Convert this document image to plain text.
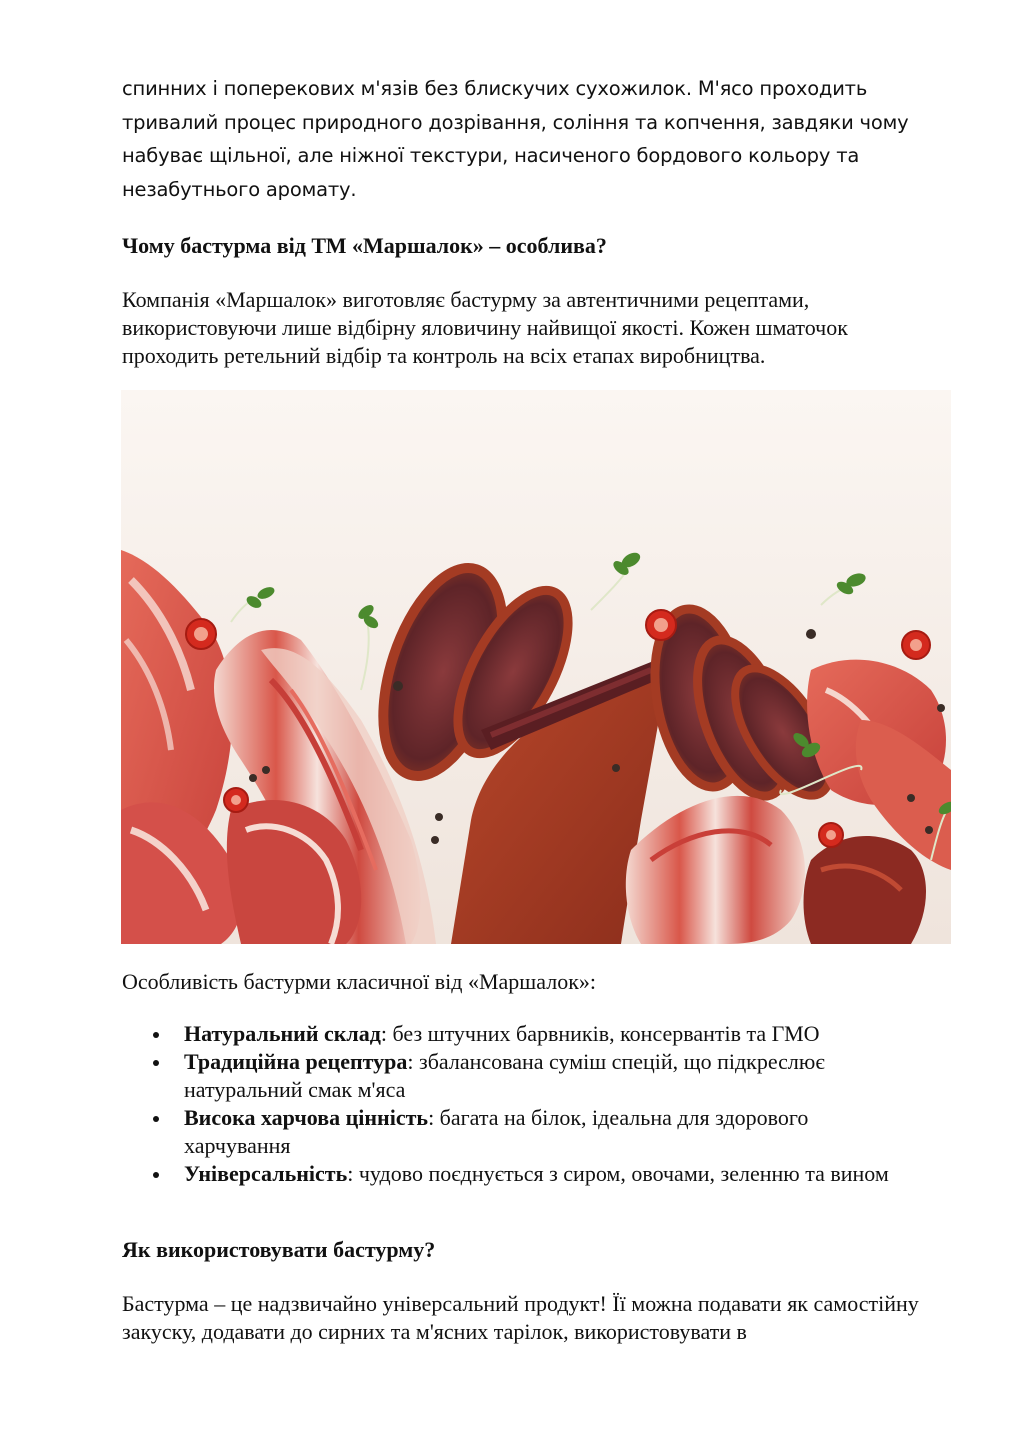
спинних і поперекових м'язів без блискучих сухожилок. М'ясо проходить тривалий процес природного дозрівання, соління та копчення, завдяки чому набуває щільної, але ніжної текстури, насиченого бордового кольору та незабутнього аромату.

Чому бастурма від ТМ «Маршалок» – особлива?

Компанія «Маршалок» виготовляє бастурму за автентичними рецептами, використовуючи лише відбірну яловичину найвищої якості. Кожен шматочок проходить ретельний відбір та контроль на всіх етапах виробництва.

Особливість бастурми класичної від «Маршалок»:

Натуральний склад: без штучних барвників, консервантів та ГМО
Традиційна рецептура: збалансована суміш спецій, що підкреслює натуральний смак м'яса
Висока харчова цінність: багата на білок, ідеальна для здорового харчування
Універсальність: чудово поєднується з сиром, овочами, зеленню та вином
Як використовувати бастурму?

Бастурма – це надзвичайно універсальний продукт! Її можна подавати як самостійну закуску, додавати до сирних та м'ясних тарілок, використовувати в
